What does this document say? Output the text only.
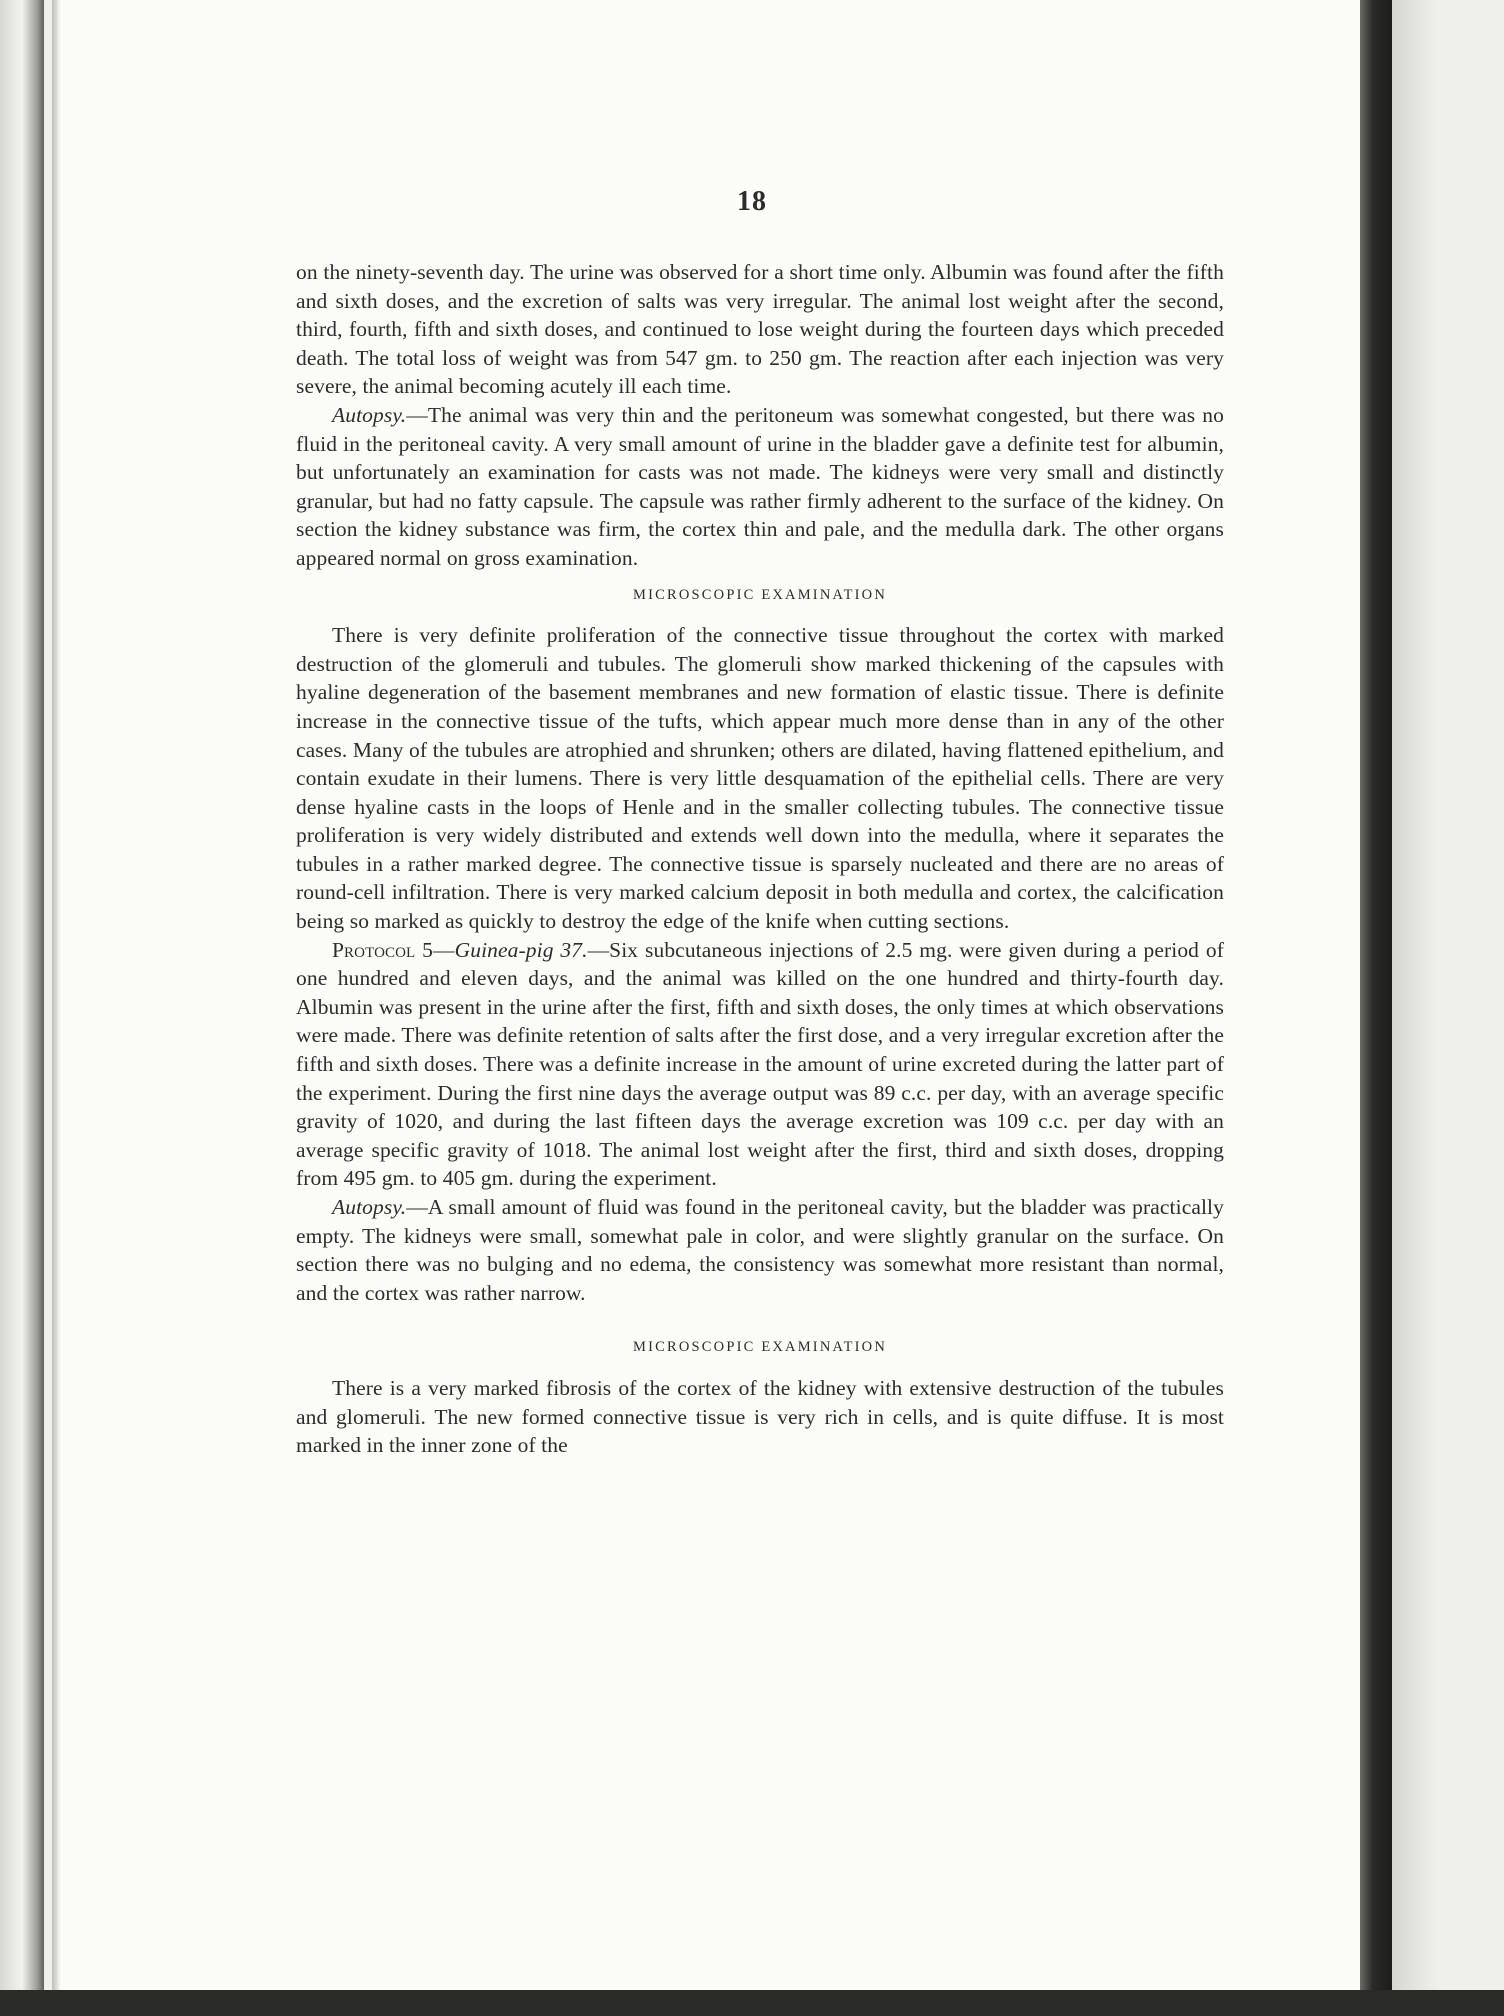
18

on the ninety-seventh day. The urine was observed for a short time only. Albumin was found after the fifth and sixth doses, and the excretion of salts was very irregular. The animal lost weight after the second, third, fourth, fifth and sixth doses, and continued to lose weight during the fourteen days which preceded death. The total loss of weight was from 547 gm. to 250 gm. The reaction after each injection was very severe, the animal becoming acutely ill each time.

Autopsy.—The animal was very thin and the peritoneum was somewhat congested, but there was no fluid in the peritoneal cavity. A very small amount of urine in the bladder gave a definite test for albumin, but unfortunately an examination for casts was not made. The kidneys were very small and distinctly granular, but had no fatty capsule. The capsule was rather firmly adherent to the surface of the kidney. On section the kidney substance was firm, the cortex thin and pale, and the medulla dark. The other organs appeared normal on gross examination.

MICROSCOPIC EXAMINATION

There is very definite proliferation of the connective tissue throughout the cortex with marked destruction of the glomeruli and tubules. The glomeruli show marked thickening of the capsules with hyaline degeneration of the basement membranes and new formation of elastic tissue. There is definite increase in the connective tissue of the tufts, which appear much more dense than in any of the other cases. Many of the tubules are atrophied and shrunken; others are dilated, having flattened epithelium, and contain exudate in their lumens. There is very little desquamation of the epithelial cells. There are very dense hyaline casts in the loops of Henle and in the smaller collecting tubules. The connective tissue proliferation is very widely distributed and extends well down into the medulla, where it separates the tubules in a rather marked degree. The connective tissue is sparsely nucleated and there are no areas of round-cell infiltration. There is very marked calcium deposit in both medulla and cortex, the calcification being so marked as quickly to destroy the edge of the knife when cutting sections.

Protocol 5—Guinea-pig 37.—Six subcutaneous injections of 2.5 mg. were given during a period of one hundred and eleven days, and the animal was killed on the one hundred and thirty-fourth day. Albumin was present in the urine after the first, fifth and sixth doses, the only times at which observations were made. There was definite retention of salts after the first dose, and a very irregular excretion after the fifth and sixth doses. There was a definite increase in the amount of urine excreted during the latter part of the experiment. During the first nine days the average output was 89 c.c. per day, with an average specific gravity of 1020, and during the last fifteen days the average excretion was 109 c.c. per day with an average specific gravity of 1018. The animal lost weight after the first, third and sixth doses, dropping from 495 gm. to 405 gm. during the experiment.

Autopsy.—A small amount of fluid was found in the peritoneal cavity, but the bladder was practically empty. The kidneys were small, somewhat pale in color, and were slightly granular on the surface. On section there was no bulging and no edema, the consistency was somewhat more resistant than normal, and the cortex was rather narrow.

MICROSCOPIC EXAMINATION

There is a very marked fibrosis of the cortex of the kidney with extensive destruction of the tubules and glomeruli. The new formed connective tissue is very rich in cells, and is quite diffuse. It is most marked in the inner zone of the
